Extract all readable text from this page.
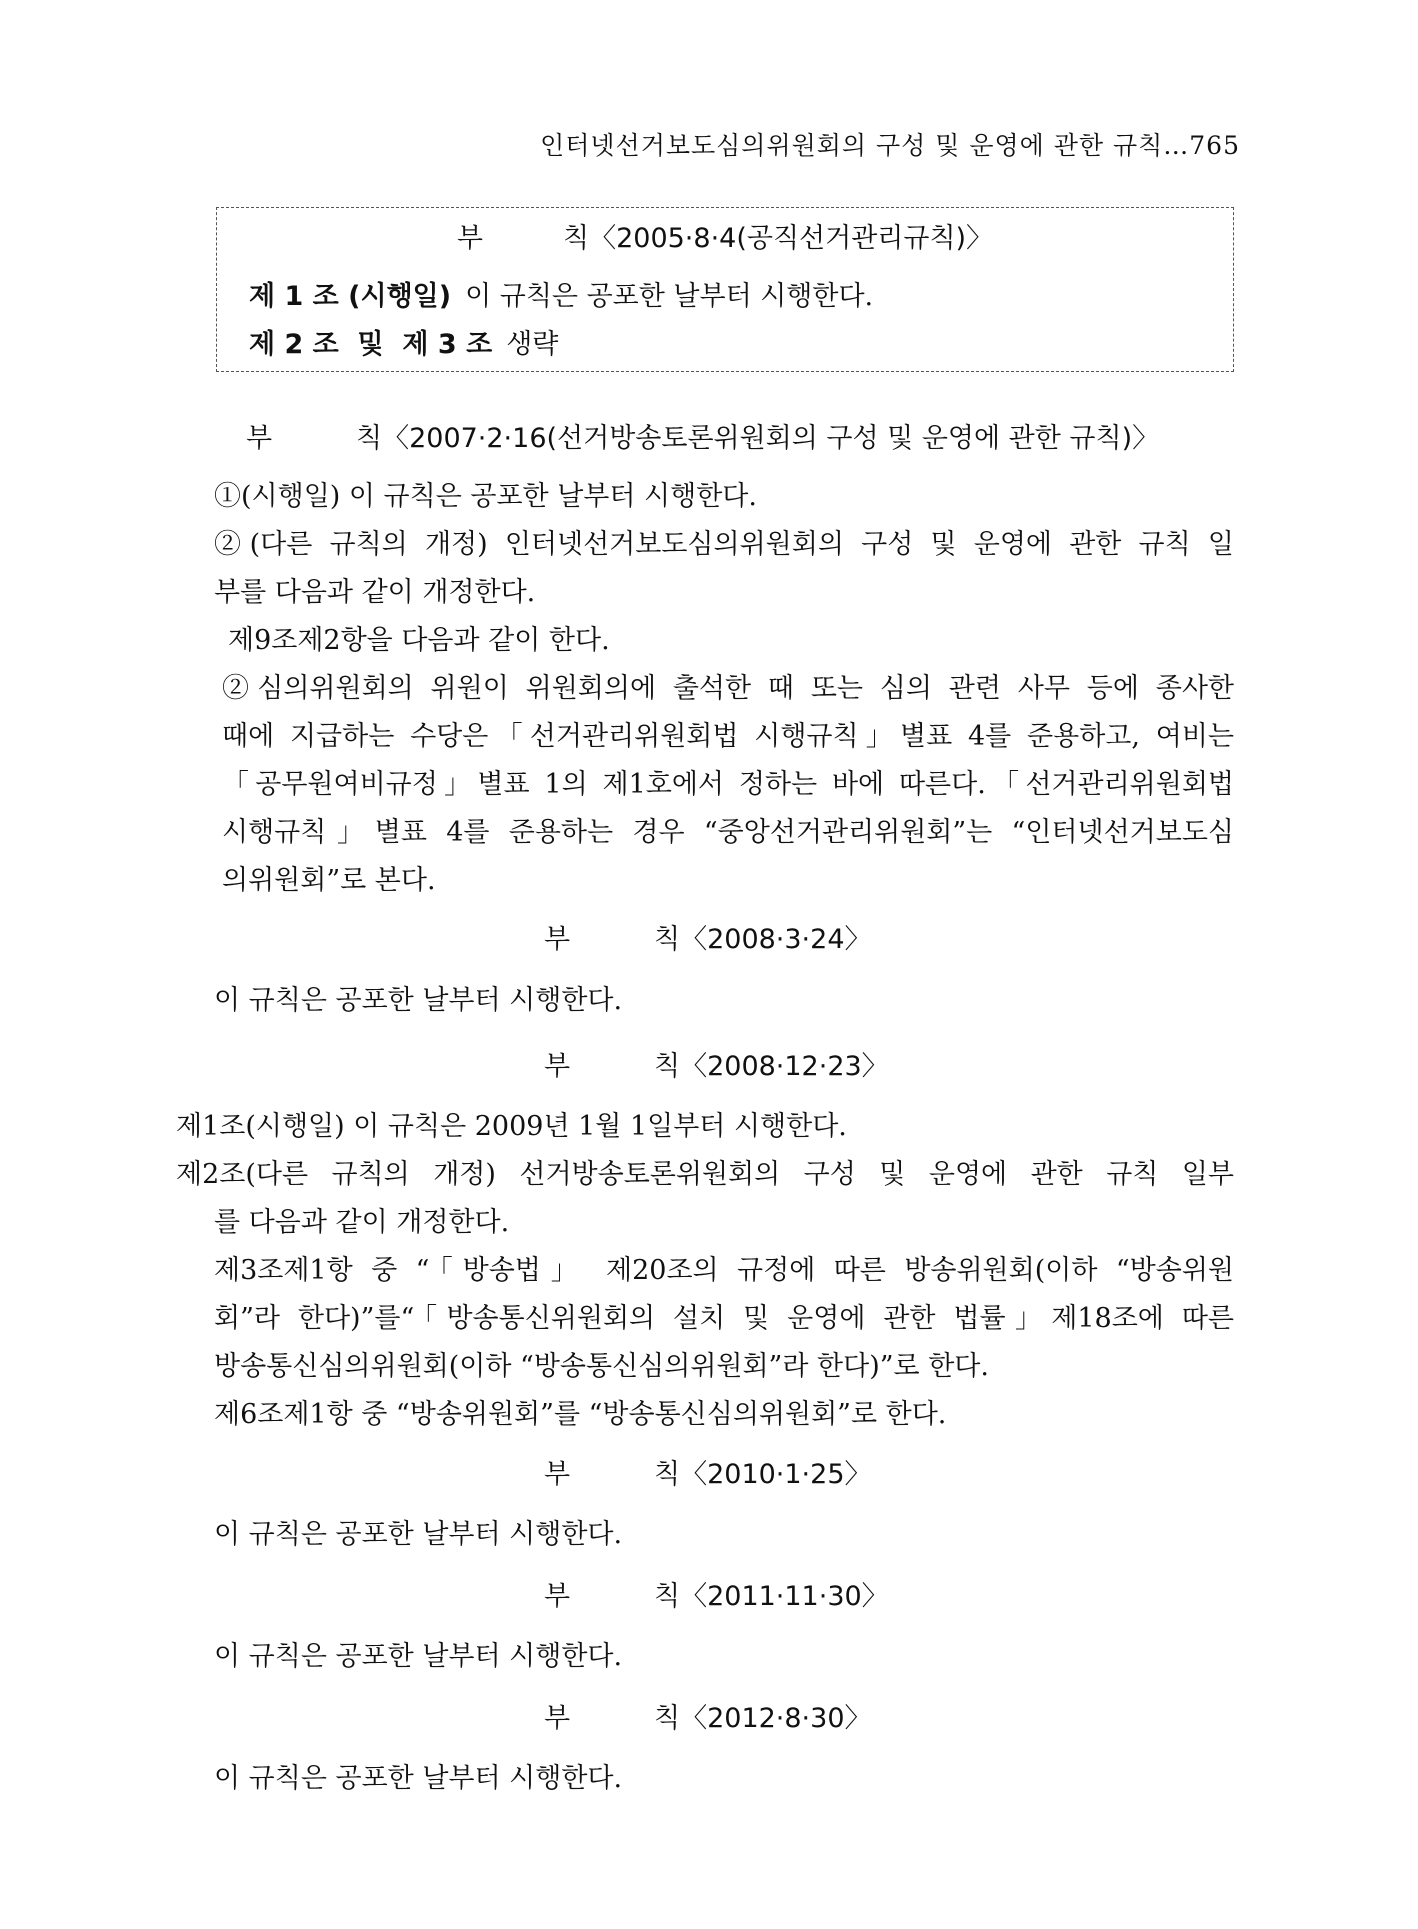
인터넷선거보도심의위원회의 구성 및 운영에 관한 규칙…765
부	칙〈2005·8·4(공직선거관리규칙)〉
제 1 조 (시행일) 이 규칙은 공포한 날부터 시행한다.
제 2 조  및  제 3 조 생략
부	칙〈2007·2·16(선거방송토론위원회의 구성 및 운영에 관한 규칙)〉
①(시행일) 이 규칙은 공포한 날부터 시행한다.
②(다른 규칙의 개정) 인터넷선거보도심의위원회의 구성 및 운영에 관한 규칙 일
부를 다음과 같이 개정한다.
제9조제2항을 다음과 같이 한다.
②심의위원회의 위원이 위원회의에 출석한 때 또는 심의 관련 사무 등에 종사한
때에 지급하는 수당은「선거관리위원회법 시행규칙」별표 4를 준용하고, 여비는
「공무원여비규정」별표 1의 제1호에서 정하는 바에 따른다.「선거관리위원회법
시행규칙」별표 4를 준용하는 경우 “중앙선거관리위원회”는 “인터넷선거보도심
의위원회”로 본다.
부	칙〈2008·3·24〉
이 규칙은 공포한 날부터 시행한다.
부	칙〈2008·12·23〉
제1조(시행일) 이 규칙은 2009년 1월 1일부터 시행한다.
제2조(다른 규칙의 개정) 선거방송토론위원회의 구성 및 운영에 관한 규칙 일부
를 다음과 같이 개정한다.
제3조제1항 중 “「방송법」 제20조의 규정에 따른 방송위원회(이하 “방송위원
회”라 한다)”를“「방송통신위원회의 설치 및 운영에 관한 법률」제18조에 따른
방송통신심의위원회(이하 “방송통신심의위원회”라 한다)”로 한다.
제6조제1항 중 “방송위원회”를 “방송통신심의위원회”로 한다.
부	칙〈2010·1·25〉
이 규칙은 공포한 날부터 시행한다.
부	칙〈2011·11·30〉
이 규칙은 공포한 날부터 시행한다.
부	칙〈2012·8·30〉
이 규칙은 공포한 날부터 시행한다.
